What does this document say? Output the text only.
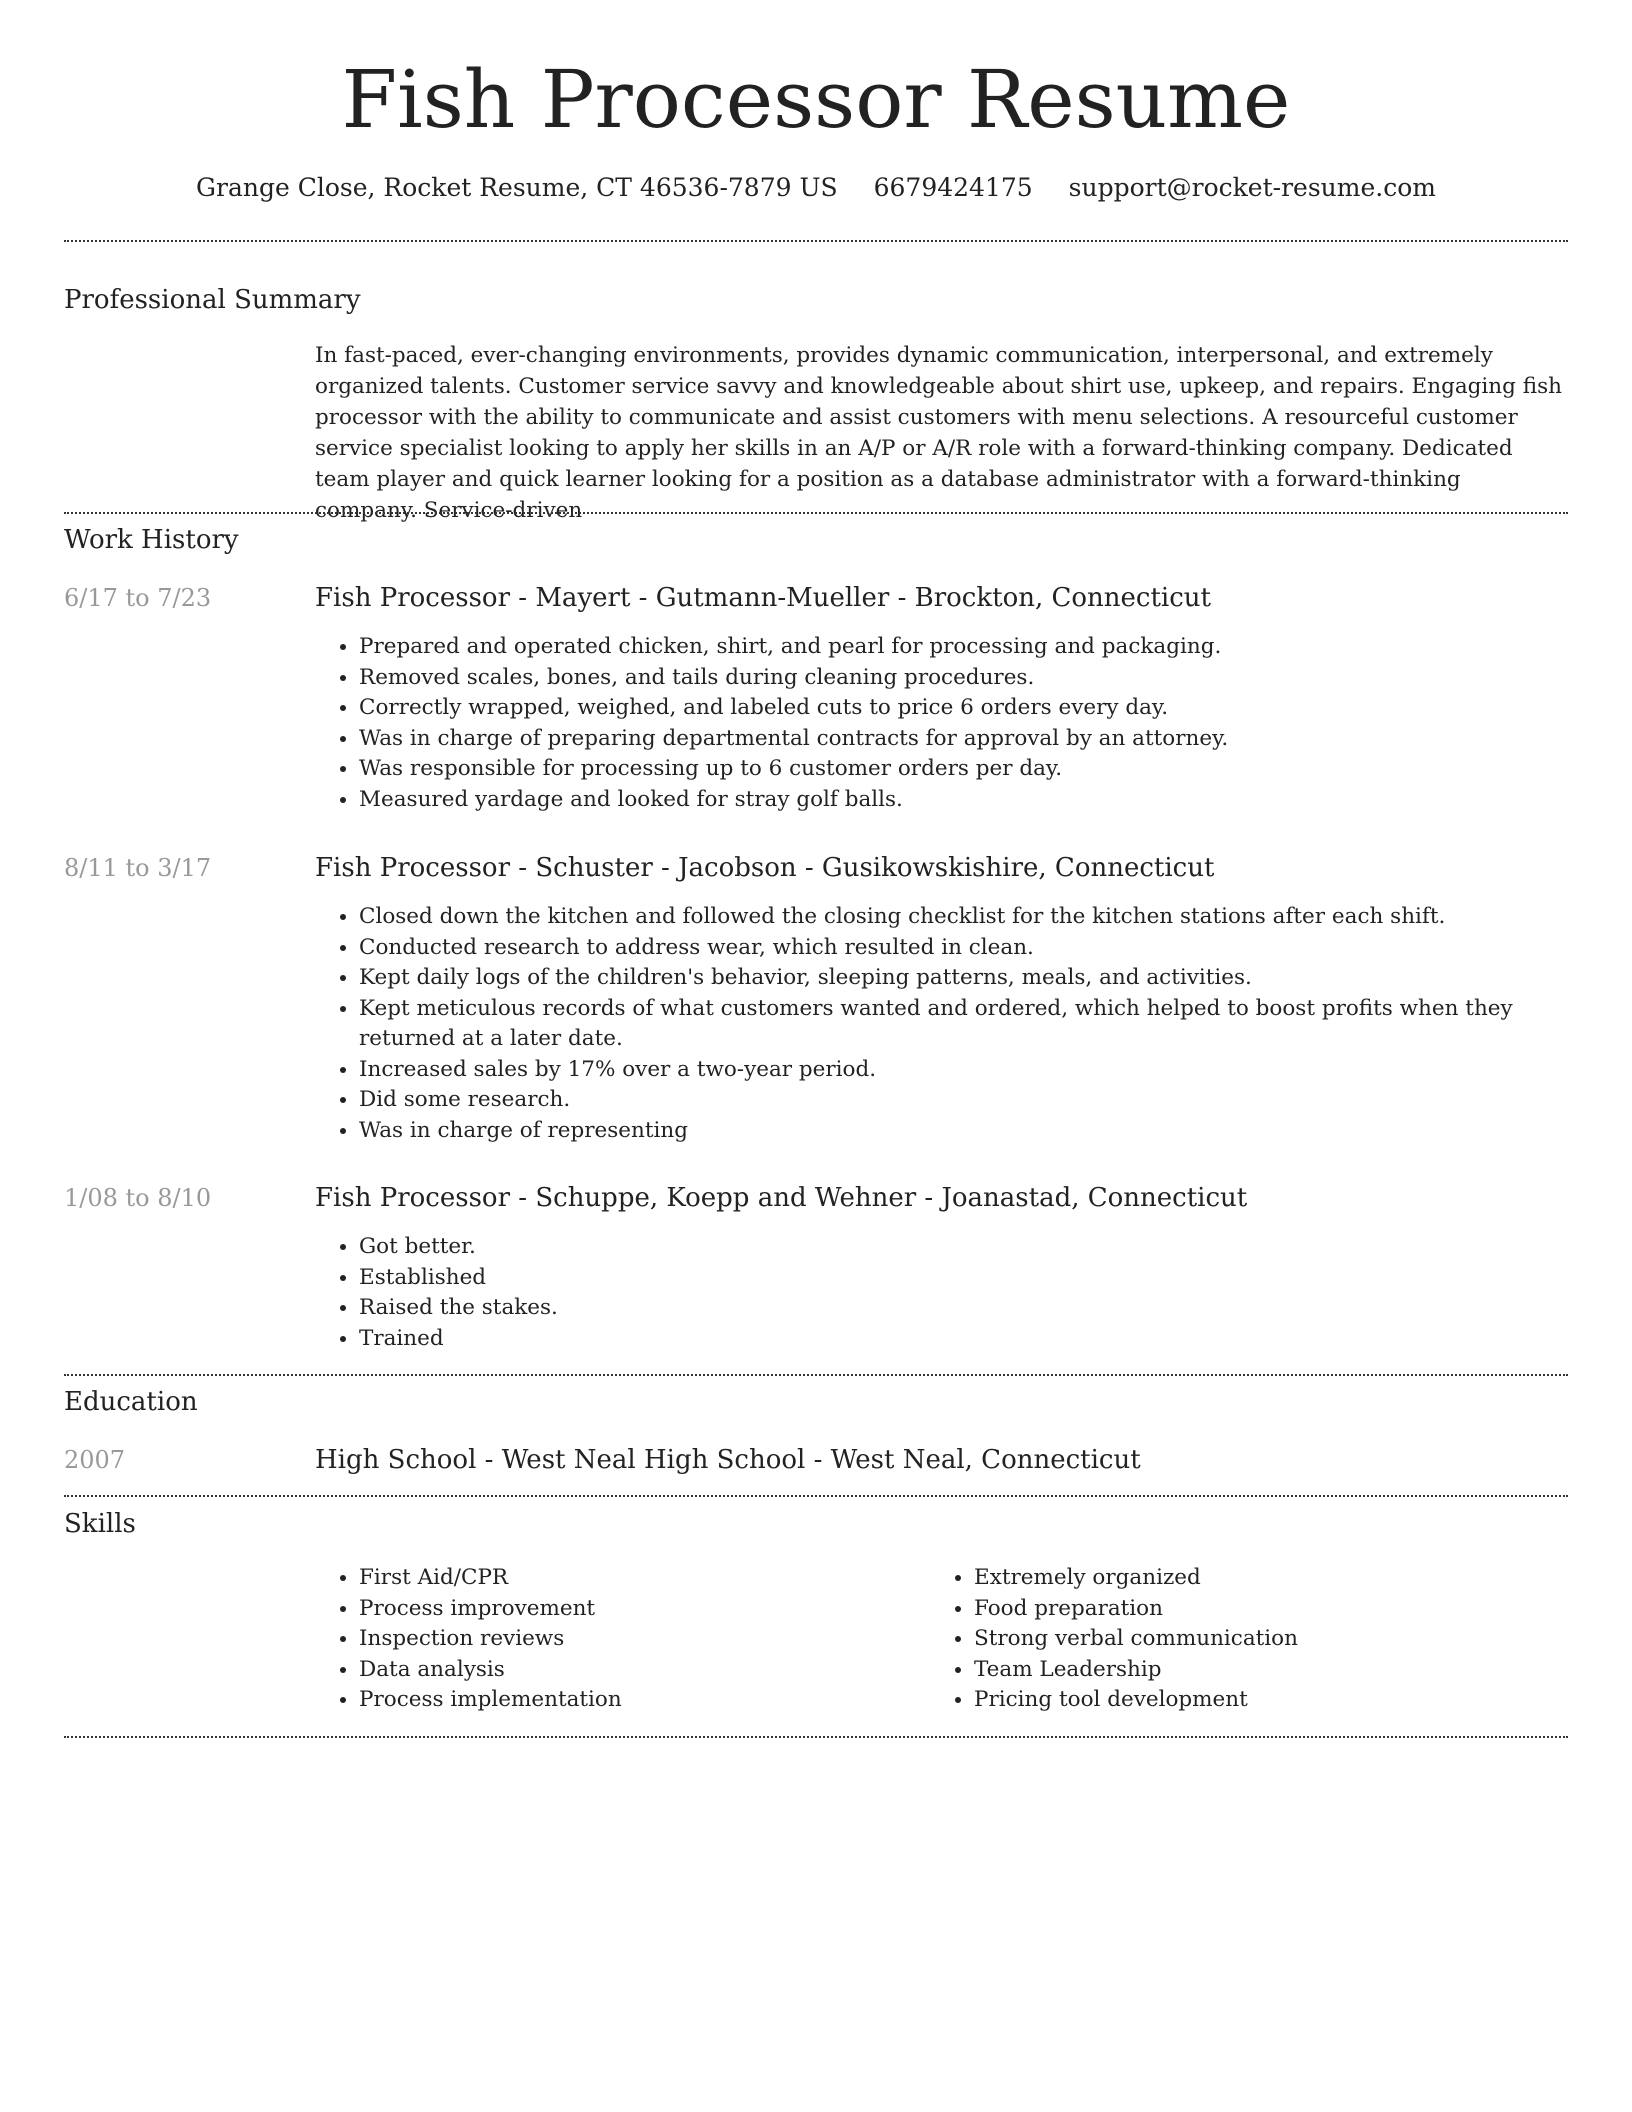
Fish Processor Resume
Grange Close, Rocket Resume, CT 46536-7879 US 6679424175 support@rocket-resume.com
Professional Summary

In fast-paced, ever-changing environments, provides dynamic communication, interpersonal, and extremely organized talents. Customer service savvy and knowledgeable about shirt use, upkeep, and repairs. Engaging fish processor with the ability to communicate and assist customers with menu selections. A resourceful customer service specialist looking to apply her skills in an A/P or A/R role with a forward-thinking company. Dedicated team player and quick learner looking for a position as a database administrator with a forward-thinking company. Service-driven

Work History
6/17 to 7/23	Fish Processor - Mayert - Gutmann-Mueller - Brockton, Connecticut
• Prepared and operated chicken, shirt, and pearl for processing and packaging.
• Removed scales, bones, and tails during cleaning procedures.
• Correctly wrapped, weighed, and labeled cuts to price 6 orders every day.
• Was in charge of preparing departmental contracts for approval by an attorney.
• Was responsible for processing up to 6 customer orders per day.
• Measured yardage and looked for stray golf balls.
8/11 to 3/17	Fish Processor - Schuster - Jacobson - Gusikowskishire, Connecticut
• Closed down the kitchen and followed the closing checklist for the kitchen stations after each shift.
• Conducted research to address wear, which resulted in clean.
• Kept daily logs of the children's behavior, sleeping patterns, meals, and activities.
• Kept meticulous records of what customers wanted and ordered, which helped to boost profits when they returned at a later date.
• Increased sales by 17% over a two-year period.
• Did some research.
• Was in charge of representing
1/08 to 8/10	Fish Processor - Schuppe, Koepp and Wehner - Joanastad, Connecticut
• Got better.
• Established
• Raised the stakes.
• Trained
Education
2007	High School - West Neal High School - West Neal, Connecticut
Skills
• First Aid/CPR
• Process improvement
• Inspection reviews
• Data analysis
• Process implementation
• Extremely organized
• Food preparation
• Strong verbal communication
• Team Leadership
• Pricing tool development
